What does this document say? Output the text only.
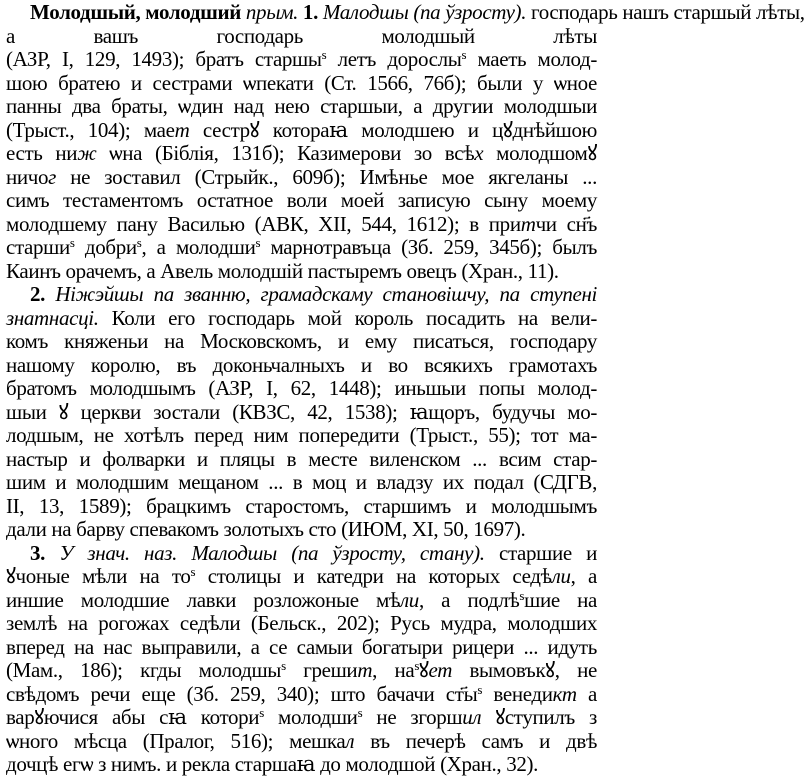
Молодшый, молодший прым. 1. Малодшы (па ўзросту). господарь нашъ старшый лѣты,
а вашъ господарь молодшый лѣты
(АЗР, І, 129, 1493); братъ старшы$^s$ летъ дорослы$^s$ маеть молод-
шою братею и сестрами ѡпекати (Ст. 1566, 76б); были у ѡное
панны два браты, ѡдин над нею старшыи, а другии молодшыи
(Трыст., 104); мает сестрꙋ котораꙗ молодшею и цꙋднѣйшою
есть ниж ѡна (Біблія, 131б); Казимерови зо всѣх молодшомꙋ
ничог не зоставил (Стрыйк., 609б); Имѣнье мое якгеланы ...
симъ тестаментомъ остатное воли моей записую сыну моему
молодшему пану Василью (АВК, XII, 544, 1612); в притчи сн҃ъ
старши$^s$ добри$^s$, а молодши$^s$ марнотравъца (Зб. 259, 345б); былъ
Каинъ орачемъ, а Авель молодшій пастыремъ овецъ (Хран., 11).
2. Ніжэйшы па званню, грамадскаму становішчу, па ступені
знатнасці. Коли его господарь мой король посадить на вели-
комъ княженьи на Московскомъ, и ему писаться, господару
нашому королю, въ доконьчалныхъ и во всякихъ грамотахъ
братомъ молодшымъ (АЗР, І, 62, 1448); иньшыи попы молод-
шыи ꙋ церкви зостали (КВЗС, 42, 1538); ꙗщоръ, будучы мо-
лодшым, не хотѣлъ перед ним попередити (Трыст., 55); тот ма-
настыр и фолварки и пляцы в месте виленском ... всим стар-
шим и молодшим мещаном ... в моц и владзу их подал (СДГВ,
ІІ, 13, 1589); брацкимъ старостомъ, старшимъ и молодшымъ
дали на барву спевакомъ золотыхъ сто (ИЮМ, XI, 50, 1697).
3. У знач. наз. Малодшы (па ўзросту, стану). старшие и
ꙋчоные мѣли на $то^s$ столицы и катедри на которых седѣли, а
иншие молодшие лавки розложоные мѣли, а подлѣ$^s$шие на
землѣ на рогожах седѣли (Бельск., 202); Русь мудра, молодших
вперед на нас выправили, а се самыи богатыри рицери ... идуть
(Мам., 186); кгды молодшы$^s$ грешит, $на^sꙋет$ вымовъкꙋ, не
свѣдомъ речи еще (Зб. 259, 340); што бачачи $ст҃ы^s$ венедикт а
варꙋючися абы сꙗ котори$^s$ молодши$^s$ не згоршил ꙋступилъ з
ѡного мѣсца (Пралог, 516); мешкал въ печерѣ самъ и двѣ
дочцѣ егѡ з нимъ. и рекла старшаꙗ до молодшой (Хран., 32).
